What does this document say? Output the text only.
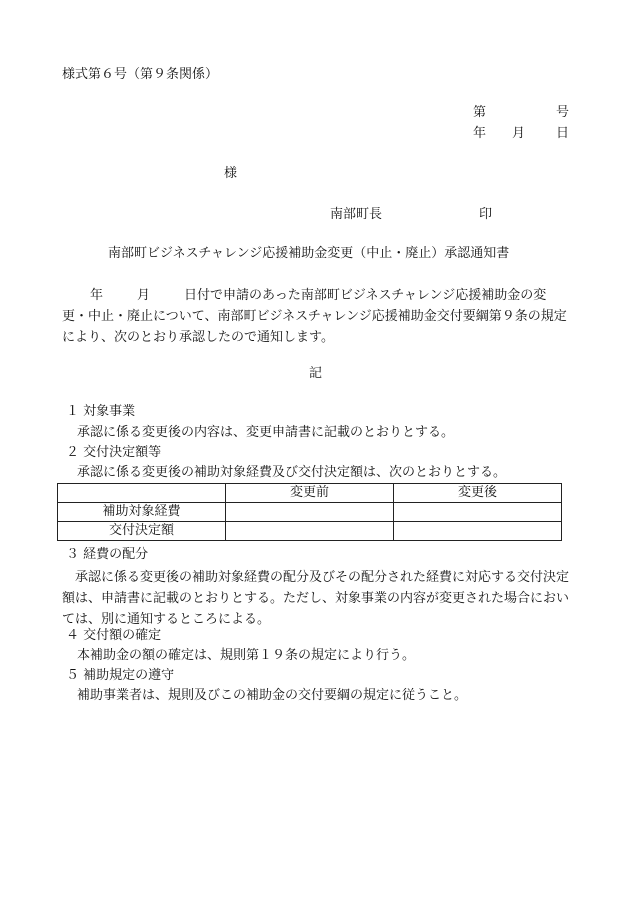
様式第６号（第９条関係）
第	号
年 月 日
様
南部町長	印
南部町ビジネスチャレンジ応援補助金変更（中止・廃止）承認通知書

年	月	日付で申請のあった南部町ビジネスチャレンジ応援補助金の変更・中止・廃止について、南部町ビジネスチャレンジ応援補助金交付要綱第９条の規定により、次のとおり承認したので通知します。

記
１ 対象事業
承認に係る変更後の内容は、変更申請書に記載のとおりとする。
２ 交付決定額等
承認に係る変更後の補助対象経費及び交付決定額は、次のとおりとする。
	変更前	変更後
補助対象経費		
交付決定額		
３ 経費の配分

承認に係る変更後の補助対象経費の配分及びその配分された経費に対応する交付決定額は、申請書に記載のとおりとする。ただし、対象事業の内容が変更された場合においては、別に通知するところによる。

４ 交付額の確定
本補助金の額の確定は、規則第１９条の規定により行う。
５ 補助規定の遵守
補助事業者は、規則及びこの補助金の交付要綱の規定に従うこと。
